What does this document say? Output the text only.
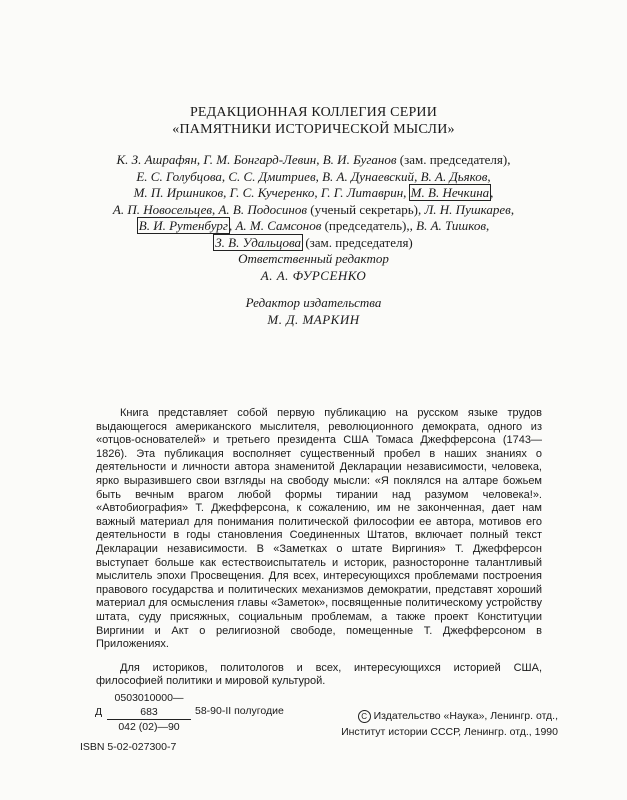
РЕДАКЦИОННАЯ КОЛЛЕГИЯ СЕРИИ
«ПАМЯТНИКИ ИСТОРИЧЕСКОЙ МЫСЛИ»
К. З. Ашрафян, Г. М. Бонгард-Левин, В. И. Буганов (зам. председателя),
Е. С. Голубцова, С. С. Дмитриев, В. А. Дунаевский, В. А. Дьяков,
М. П. Иршников, Г. С. Кучеренко, Г. Г. Литаврин, М. В. Нечкина,
А. П. Новосельцев, А. В. Подосинов (ученый секретарь), Л. Н. Пушкарев,
В. И. Рутенбург, А. М. Самсонов (председатель),, В. А. Тишков,
З. В. Удальцова (зам. председателя)
Ответственный редактор
А. А. ФУРСЕНКО
Редактор издательства
М. Д. МАРКИН

Книга представляет собой первую публикацию на русском языке трудов выдающегося американского мыслителя, революционного демократа, одного из «отцов-основателей» и третьего президента США Томаса Джефферсона (1743—1826). Эта публикация восполняет существенный пробел в наших знаниях о деятельности и личности автора знаменитой Декларации независимости, человека, ярко выразившего свои взгляды на свободу мысли: «Я поклялся на алтаре божьем быть вечным врагом любой формы тирании над разумом человека!». «Автобиография» Т. Джефферсона, к сожалению, им не законченная, дает нам важный материал для понимания политической философии ее автора, мотивов его деятельности в годы становления Соединенных Штатов, включает полный текст Декларации независимости. В «Заметках о штате Виргиния» Т. Джефферсон выступает больше как естествоиспытатель и историк, разносторонне талантливый мыслитель эпохи Просвещения. Для всех, интересующихся проблемами построения правового государства и политических механизмов демократии, представят хороший материал для осмысления главы «Заметок», посвященные политическому устройству штата, суду присяжных, социальным проблемам, а также проект Конституции Виргинии и Акт о религиозной свободе, помещенные Т. Джефферсоном в Приложениях.

Для историков, политологов и всех, интересующихся историей США, философией политики и мировой культурой.

Д $\frac{0503010000—683}{042 (02)—90} 58-90-II$ полугодие	C Издательство «Наука», Ленингр. отд.,
Институт истории СССР, Ленингр. отд., 1990
ISBN 5-02-027300-7
